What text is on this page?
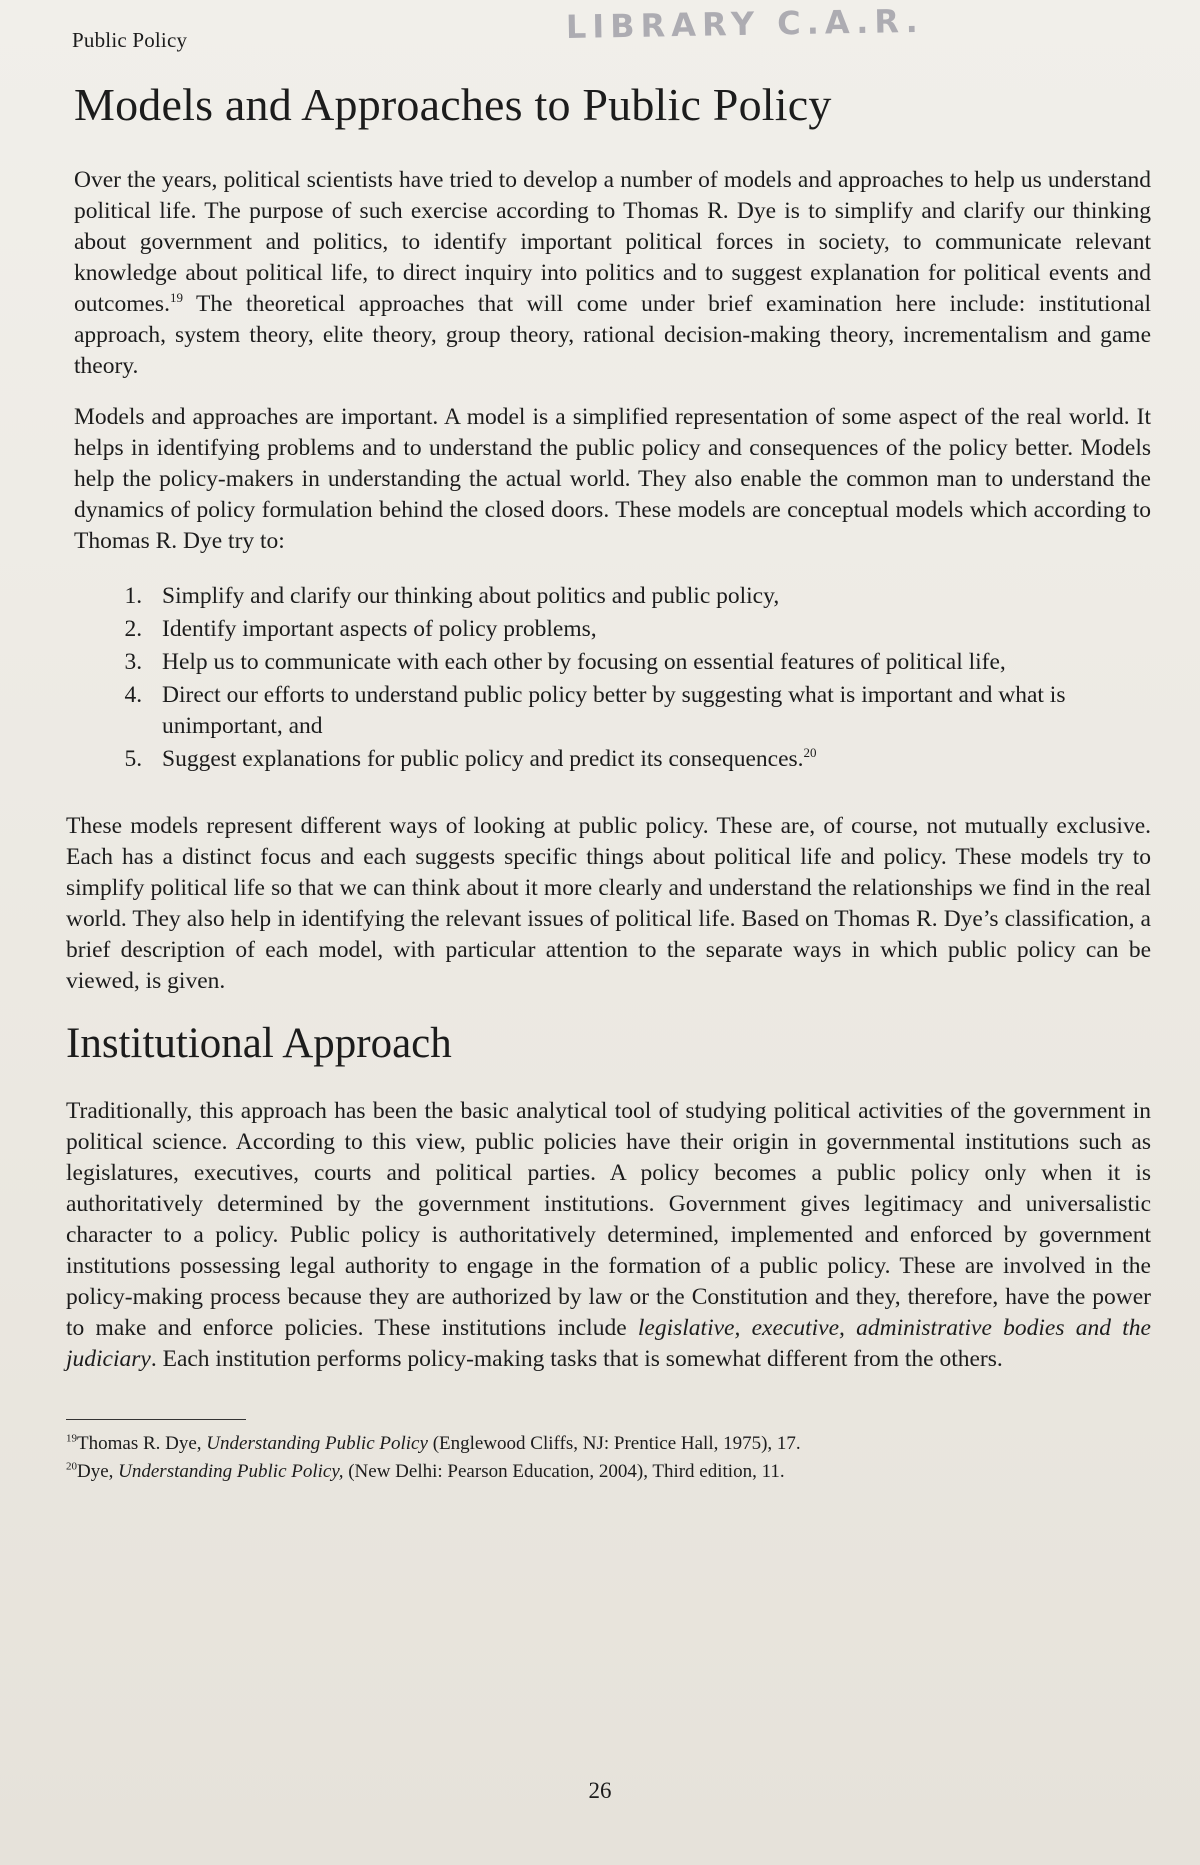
Public Policy	LIBRARY C.A.R.
Models and Approaches to Public Policy

Over the years, political scientists have tried to develop a number of models and approaches to help us understand political life. The purpose of such exercise according to Thomas R. Dye is to simplify and clarify our thinking about government and politics, to identify important political forces in society, to communicate relevant knowledge about political life, to direct inquiry into politics and to suggest explanation for political events and outcomes.$^{19}$ The theoretical approaches that will come under brief examination here include: institutional approach, system theory, elite theory, group theory, rational decision-making theory, incrementalism and game theory.

Models and approaches are important. A model is a simplified representation of some aspect of the real world. It helps in identifying problems and to understand the public policy and consequences of the policy better. Models help the policy-makers in understanding the actual world. They also enable the common man to understand the dynamics of policy formulation behind the closed doors. These models are conceptual models which according to Thomas R. Dye try to:

1. Simplify and clarify our thinking about politics and public policy,
2. Identify important aspects of policy problems,
3. Help us to communicate with each other by focusing on essential features of political life,
4. Direct our efforts to understand public policy better by suggesting what is important and what is unimportant, and
5. Suggest explanations for public policy and predict its consequences.$^{20}$

These models represent different ways of looking at public policy. These are, of course, not mutually exclusive. Each has a distinct focus and each suggests specific things about political life and policy. These models try to simplify political life so that we can think about it more clearly and understand the relationships we find in the real world. They also help in identifying the relevant issues of political life. Based on Thomas R. Dye’s classification, a brief description of each model, with particular attention to the separate ways in which public policy can be viewed, is given.

Institutional Approach

Traditionally, this approach has been the basic analytical tool of studying political activities of the government in political science. According to this view, public policies have their origin in governmental institutions such as legislatures, executives, courts and political parties. A policy becomes a public policy only when it is authoritatively determined by the government institutions. Government gives legitimacy and universalistic character to a policy. Public policy is authoritatively determined, implemented and enforced by government institutions possessing legal authority to engage in the formation of a public policy. These are involved in the policy-making process because they are authorized by law or the Constitution and they, therefore, have the power to make and enforce policies. These institutions include legislative, executive, administrative bodies and the judiciary. Each institution performs policy-making tasks that is somewhat different from the others.

$^{19}$Thomas R. Dye, Understanding Public Policy (Englewood Cliffs, NJ: Prentice Hall, 1975), 17.

$^{20}$Dye, Understanding Public Policy, (New Delhi: Pearson Education, 2004), Third edition, 11.

26
